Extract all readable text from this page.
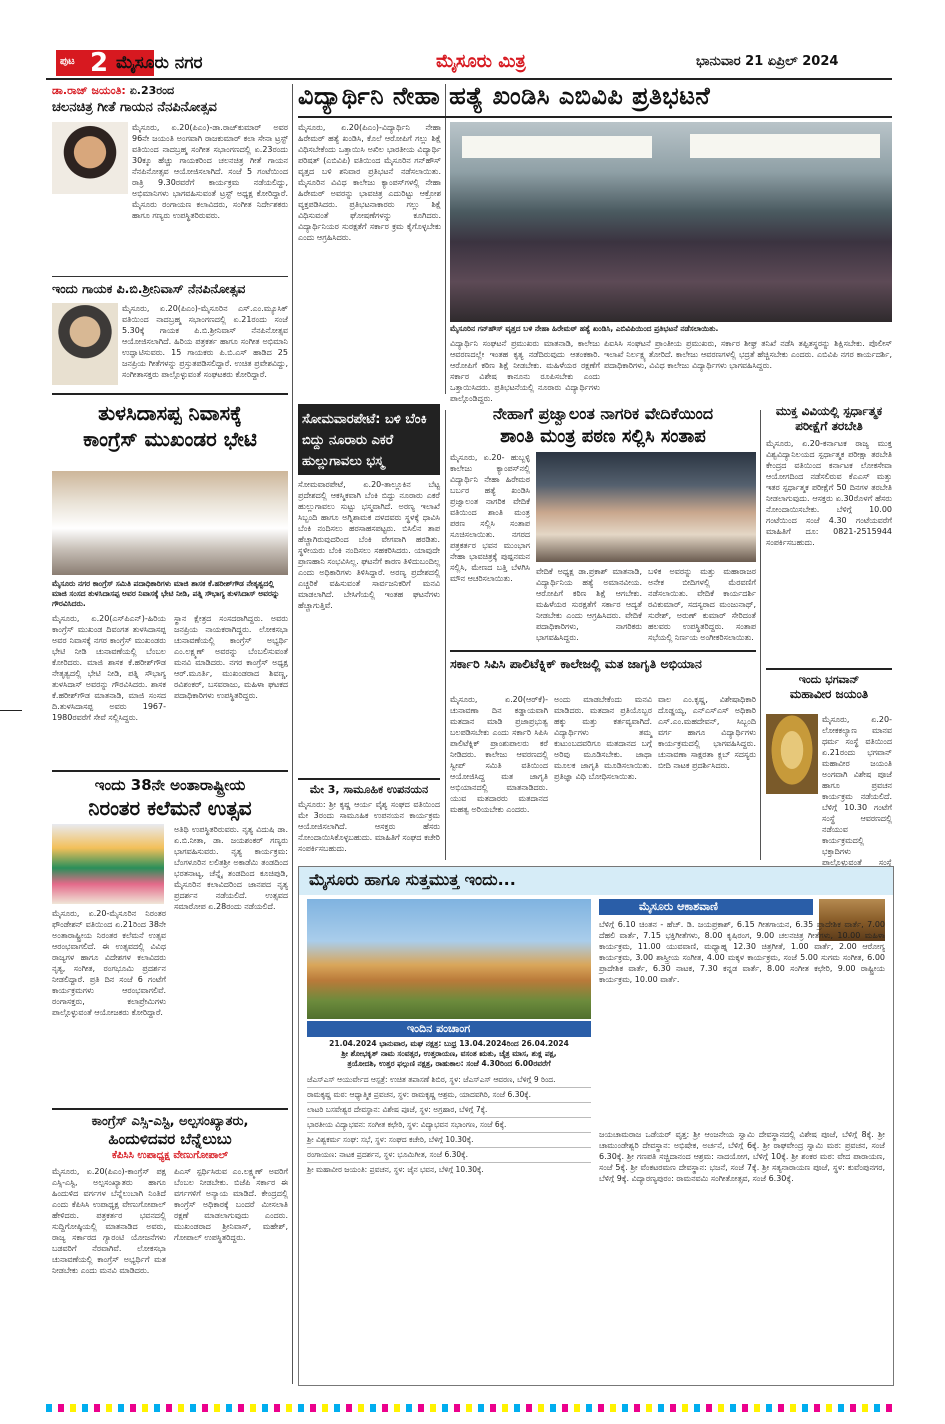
ಪುಟ 2 ಮೈಸೂರು ನಗರ	ಮೈಸೂರು ಮಿತ್ರ	ಭಾನುವಾರ 21 ಏಪ್ರಿಲ್ 2024
ಡಾ.ರಾಜ್ ಜಯಂತಿ: ಏ.23ರಂದ
ಚಲನಚಿತ್ರ ಗೀತೆ ಗಾಯನ ನೆನಪಿನೋತ್ಸವ
ಮೈಸೂರು, ಏ.20(ಪಿಎಂ)-ಡಾ.ರಾಜ್‌ಕುಮಾರ್ ಅವರ 96ನೇ ಜಯಂತಿ ಅಂಗವಾಗಿ ರಾಜಕುಮಾರ್ ಕಲಾ ಸೇನಾ ಟ್ರಸ್ಟ್ ವತಿಯಿಂದ ನಾದಬ್ರಹ್ಮ ಸಂಗೀತ ಸಭಾಂಗಣದಲ್ಲಿ ಏ.23ರಂದು 30ಕ್ಕೂ ಹೆಚ್ಚು ಗಾಯಕರಿಂದ ಚಲನಚಿತ್ರ ಗೀತೆ ಗಾಯನ ನೆನಪಿನೋತ್ಸವ ಆಯೋಜಿಸಲಾಗಿದೆ. ಸಂಜೆ 5 ಗಂಟೆಯಿಂದ ರಾತ್ರಿ 9.30ರವರೆಗೆ ಕಾರ್ಯಕ್ರಮ ನಡೆಯಲಿದ್ದು, ಅಭಿಮಾನಿಗಳು ಭಾಗವಹಿಸುವಂತೆ ಟ್ರಸ್ಟ್ ಅಧ್ಯಕ್ಷ ಕೋರಿದ್ದಾರೆ. ಮೈಸೂರು ರಂಗಾಯಣ ಕಲಾವಿದರು, ಸಂಗೀತ ನಿರ್ದೇಶಕರು ಹಾಗೂ ಗಣ್ಯರು ಉಪಸ್ಥಿತರಿರುವರು.
ಇಂದು ಗಾಯಕ ಪಿ.ಬಿ.ಶ್ರೀನಿವಾಸ್ ನೆನಪಿನೋತ್ಸವ
ಮೈಸೂರು, ಏ.20(ಪಿಎಂ)-ಮೈಸೂರಿನ ಎಸ್.ಎಂ.ಮ್ಯೂಸಿಕ್ ವತಿಯಿಂದ ನಾದಬ್ರಹ್ಮ ಸಭಾಂಗಣದಲ್ಲಿ ಏ.21ರಂದು ಸಂಜೆ 5.30ಕ್ಕೆ ಗಾಯಕ ಪಿ.ಬಿ.ಶ್ರೀನಿವಾಸ್ ನೆನಪಿನೋತ್ಸವ ಆಯೋಜಿಸಲಾಗಿದೆ. ಹಿರಿಯ ಪತ್ರಕರ್ತ ಹಾಗೂ ಸಂಗೀತ ಅಭಿಮಾನಿ ಉದ್ಘಾಟಿಸುವರು. 15 ಗಾಯಕರು ಪಿ.ಬಿ.ಎಸ್ ಹಾಡಿದ 25 ಜನಪ್ರಿಯ ಗೀತೆಗಳನ್ನು ಪ್ರಸ್ತುತಪಡಿಸಲಿದ್ದಾರೆ. ಉಚಿತ ಪ್ರವೇಶವಿದ್ದು, ಸಂಗೀತಾಸಕ್ತರು ಪಾಲ್ಗೊಳ್ಳುವಂತೆ ಸಂಘಟಕರು ಕೋರಿದ್ದಾರೆ.
ತುಳಸಿದಾಸಪ್ಪ ನಿವಾಸಕ್ಕೆ
ಕಾಂಗ್ರೆಸ್ ಮುಖಂಡರ ಭೇಟಿ
ಮೈಸೂರು ನಗರ ಕಾಂಗ್ರೆಸ್ ಸಮಿತಿ ಪದಾಧಿಕಾರಿಗಳು ಮಾಜಿ ಶಾಸಕ ಕೆ.ಹರೀಶ್‌ಗೌಡ ನೇತೃತ್ವದಲ್ಲಿ ಮಾಜಿ ಸಂಸದ ತುಳಸಿದಾಸಪ್ಪ ಅವರ ನಿವಾಸಕ್ಕೆ ಭೇಟಿ ನೀಡಿ, ಪತ್ನಿ ಸೌಭಾಗ್ಯ ತುಳಸಿದಾಸ್ ಅವರನ್ನು ಗೌರವಿಸಿದರು.
ಮೈಸೂರು, ಏ.20(ಎಸ್‌ಪಿಎನ್)-ಹಿರಿಯ ಕಾಂಗ್ರೆಸ್ ಮುಖಂಡ ದಿವಂಗತ ತುಳಸಿದಾಸಪ್ಪ ಅವರ ನಿವಾಸಕ್ಕೆ ನಗರ ಕಾಂಗ್ರೆಸ್ ಮುಖಂಡರು ಭೇಟಿ ನೀಡಿ ಚುನಾವಣೆಯಲ್ಲಿ ಬೆಂಬಲ ಕೋರಿದರು. ಮಾಜಿ ಶಾಸಕ ಕೆ.ಹರೀಶ್‌ಗೌಡ ನೇತೃತ್ವದಲ್ಲಿ ಭೇಟಿ ನೀಡಿ, ಪತ್ನಿ ಸೌಭಾಗ್ಯ ತುಳಸಿದಾಸ್ ಅವರನ್ನು ಗೌರವಿಸಿದರು. ಶಾಸಕ ಕೆ.ಹರೀಶ್‌ಗೌಡ ಮಾತನಾಡಿ, ಮಾಜಿ ಸಂಸದ ದಿ.ತುಳಸಿದಾಸಪ್ಪ ಅವರು 1967-1980ರವರೆಗೆ ಸೇವೆ ಸಲ್ಲಿಸಿದ್ದರು.
ಸ್ಥಾನ ಕ್ಷೇತ್ರದ ಸಂಸದರಾಗಿದ್ದರು. ಅವರು ಜನಪ್ರಿಯ ನಾಯಕರಾಗಿದ್ದರು. ಲೋಕಸಭಾ ಚುನಾವಣೆಯಲ್ಲಿ ಕಾಂಗ್ರೆಸ್ ಅಭ್ಯರ್ಥಿ ಎಂ.ಲಕ್ಷ್ಮಣ್ ಅವರನ್ನು ಬೆಂಬಲಿಸುವಂತೆ ಮನವಿ ಮಾಡಿದರು. ನಗರ ಕಾಂಗ್ರೆಸ್ ಅಧ್ಯಕ್ಷ ಆರ್.ಮೂರ್ತಿ, ಮುಖಂಡರಾದ ಶಿವಣ್ಣ, ರವಿಶಂಕರ್, ಬಸವರಾಜು, ಮಹಿಳಾ ಘಟಕದ ಪದಾಧಿಕಾರಿಗಳು ಉಪಸ್ಥಿತರಿದ್ದರು.
ಇಂದು 38ನೇ ಅಂತಾರಾಷ್ಟ್ರೀಯ
ನಿರಂತರ ಕಲೆಮನೆ ಉತ್ಸವ
ಮೈಸೂರು, ಏ.20-ಮೈಸೂರಿನ ನಿರಂತರ ಫೌಂಡೇಶನ್ ವತಿಯಿಂದ ಏ.21ರಿಂದ 38ನೇ ಅಂತಾರಾಷ್ಟ್ರೀಯ ನಿರಂತರ ಕಲೆಮನೆ ಉತ್ಸವ ಆರಂಭವಾಗಲಿದೆ. ಈ ಉತ್ಸವದಲ್ಲಿ ವಿವಿಧ ರಾಜ್ಯಗಳ ಹಾಗೂ ವಿದೇಶಗಳ ಕಲಾವಿದರು ನೃತ್ಯ, ಸಂಗೀತ, ರಂಗಭೂಮಿ ಪ್ರದರ್ಶನ ನೀಡಲಿದ್ದಾರೆ. ಪ್ರತಿ ದಿನ ಸಂಜೆ 6 ಗಂಟೆಗೆ ಕಾರ್ಯಕ್ರಮಗಳು ಆರಂಭವಾಗಲಿವೆ. ರಂಗಾಸಕ್ತರು, ಕಲಾಪ್ರೇಮಿಗಳು ಪಾಲ್ಗೊಳ್ಳುವಂತೆ ಆಯೋಜಕರು ಕೋರಿದ್ದಾರೆ.
ಅತಿಥಿ ಉಪಸ್ಥಿತರಿರುವರು. ನೃತ್ಯ ವಿದುಷಿ ಡಾ. ಏ.ಬಿ.ನೀತಾ, ಡಾ. ಜಯಶಂಕರ್ ಗಣ್ಯರು ಭಾಗವಹಿಸುವರು. ನೃತ್ಯ ಕಾರ್ಯಕ್ರಮ: ಬೆಂಗಳೂರಿನ ಲಲಿತಶ್ರೀ ಅಕಾಡೆಮಿ ತಂಡದಿಂದ ಭರತನಾಟ್ಯ, ಚೆನ್ನೈ ತಂಡದಿಂದ ಕೂಚಿಪುಡಿ, ಮೈಸೂರಿನ ಕಲಾವಿದರಿಂದ ಜಾನಪದ ನೃತ್ಯ ಪ್ರದರ್ಶನ ನಡೆಯಲಿದೆ. ಉತ್ಸವದ ಸಮಾರೋಪ ಏ.28ರಂದು ನಡೆಯಲಿದೆ.
ಕಾಂಗ್ರೆಸ್ ಎಸ್ಸಿ-ಎಸ್ಟಿ, ಅಲ್ಪಸಂಖ್ಯಾತರು,
ಹಿಂದುಳಿದವರ ಬೆನ್ನೆಲುಬು
ಕೆಪಿಸಿಸಿ ಉಪಾಧ್ಯಕ್ಷ ವೇಣುಗೋಪಾಲ್
ಮೈಸೂರು, ಏ.20(ಪಿಎಂ)-ಕಾಂಗ್ರೆಸ್ ಪಕ್ಷ ಎಸ್ಸಿ-ಎಸ್ಟಿ, ಅಲ್ಪಸಂಖ್ಯಾತರು ಹಾಗೂ ಹಿಂದುಳಿದ ವರ್ಗಗಳ ಬೆನ್ನೆಲುಬಾಗಿ ನಿಂತಿದೆ ಎಂದು ಕೆಪಿಸಿಸಿ ಉಪಾಧ್ಯಕ್ಷ ವೇಣುಗೋಪಾಲ್ ಹೇಳಿದರು. ಪತ್ರಕರ್ತರ ಭವನದಲ್ಲಿ ಸುದ್ದಿಗೋಷ್ಠಿಯಲ್ಲಿ ಮಾತನಾಡಿದ ಅವರು, ರಾಜ್ಯ ಸರ್ಕಾರದ ಗ್ಯಾರಂಟಿ ಯೋಜನೆಗಳು ಬಡವರಿಗೆ ನೆರವಾಗಿವೆ. ಲೋಕಸಭಾ ಚುನಾವಣೆಯಲ್ಲಿ ಕಾಂಗ್ರೆಸ್ ಅಭ್ಯರ್ಥಿಗೆ ಮತ ನೀಡಬೇಕು ಎಂದು ಮನವಿ ಮಾಡಿದರು.
ಪಿಎಸ್ ಸ್ಪರ್ಧಿಸಿರುವ ಎಂ.ಲಕ್ಷ್ಮಣ್ ಅವರಿಗೆ ಬೆಂಬಲ ನೀಡಬೇಕು. ಬಿಜೆಪಿ ಸರ್ಕಾರ ಈ ವರ್ಗಗಳಿಗೆ ಅನ್ಯಾಯ ಮಾಡಿದೆ. ಕೇಂದ್ರದಲ್ಲಿ ಕಾಂಗ್ರೆಸ್ ಅಧಿಕಾರಕ್ಕೆ ಬಂದರೆ ಮೀಸಲಾತಿ ರಕ್ಷಣೆ ಮಾಡಲಾಗುವುದು ಎಂದರು. ಮುಖಂಡರಾದ ಶ್ರೀನಿವಾಸ್, ಮಹೇಶ್, ಗೋಪಾಲ್ ಉಪಸ್ಥಿತರಿದ್ದರು.
ವಿದ್ಯಾರ್ಥಿನಿ ನೇಹಾ ಹತ್ಯೆ ಖಂಡಿಸಿ ಎಬಿವಿಪಿ ಪ್ರತಿಭಟನೆ
ಮೈಸೂರು, ಏ.20(ಪಿಎಂ)-ವಿದ್ಯಾರ್ಥಿನಿ ನೇಹಾ ಹಿರೇಮಠ್ ಹತ್ಯೆ ಖಂಡಿಸಿ, ಕೊಲೆ ಆರೋಪಿಗೆ ಗಲ್ಲು ಶಿಕ್ಷೆ ವಿಧಿಸಬೇಕೆಂದು ಒತ್ತಾಯಿಸಿ ಅಖಿಲ ಭಾರತೀಯ ವಿದ್ಯಾರ್ಥಿ ಪರಿಷತ್ (ಎಬಿವಿಪಿ) ವತಿಯಿಂದ ಮೈಸೂರಿನ ಗನ್‌ಹೌಸ್ ವೃತ್ತದ ಬಳಿ ಶನಿವಾರ ಪ್ರತಿಭಟನೆ ನಡೆಸಲಾಯಿತು. ಮೈಸೂರಿನ ವಿವಿಧ ಕಾಲೇಜು ಕ್ಯಾಂಪಸ್‌ಗಳಲ್ಲಿ ನೇಹಾ ಹಿರೇಮಠ್ ಅವರನ್ನು ಭಾವಚಿತ್ರ ಎದುರಿಟ್ಟು ಆಕ್ರೋಶ ವ್ಯಕ್ತಪಡಿಸಿದರು. ಪ್ರತಿಭಟನಾಕಾರರು ಗಲ್ಲು ಶಿಕ್ಷೆ ವಿಧಿಸುವಂತೆ ಘೋಷಣೆಗಳನ್ನು ಕೂಗಿದರು. ವಿದ್ಯಾರ್ಥಿನಿಯರ ಸುರಕ್ಷತೆಗೆ ಸರ್ಕಾರ ಕ್ರಮ ಕೈಗೊಳ್ಳಬೇಕು ಎಂದು ಆಗ್ರಹಿಸಿದರು.
ಮೈಸೂರಿನ ಗನ್‌ಹೌಸ್ ವೃತ್ತದ ಬಳಿ ನೇಹಾ ಹಿರೇಮಠ್ ಹತ್ಯೆ ಖಂಡಿಸಿ, ಎಬಿವಿಪಿಯಿಂದ ಪ್ರತಿಭಟನೆ ನಡೆಸಲಾಯಿತು.
ವಿದ್ಯಾರ್ಥಿನಿ ಸಂಘಟನೆ ಪ್ರಮುಖರು ಮಾತನಾಡಿ, ಕಾಲೇಜು ಆವರಣದಲ್ಲೇ ಇಂತಹ ಕೃತ್ಯ ನಡೆದಿರುವುದು ಆತಂಕಕಾರಿ. ಆರೋಪಿಗೆ ಕಠಿಣ ಶಿಕ್ಷೆ ನೀಡಬೇಕು. ಮಹಿಳೆಯರ ರಕ್ಷಣೆಗೆ ಸರ್ಕಾರ ವಿಶೇಷ ಕಾನೂನು ರೂಪಿಸಬೇಕು ಎಂದು ಒತ್ತಾಯಿಸಿದರು. ಪ್ರತಿಭಟನೆಯಲ್ಲಿ ನೂರಾರು ವಿದ್ಯಾರ್ಥಿಗಳು ಪಾಲ್ಗೊಂಡಿದ್ದರು.
ಪಿಐಸಿಸಿ ಸಂಘಟನೆ ಪ್ರಾಂತೀಯ ಪ್ರಮುಖರು, ಸರ್ಕಾರ ಶೀಘ್ರ ತನಿಖೆ ನಡೆಸಿ ತಪ್ಪಿತಸ್ಥರನ್ನು ಶಿಕ್ಷಿಸಬೇಕು. ಪೊಲೀಸ್ ಇಲಾಖೆ ನಿರ್ಲಕ್ಷ್ಯ ತೋರಿದೆ. ಕಾಲೇಜು ಆವರಣಗಳಲ್ಲಿ ಭದ್ರತೆ ಹೆಚ್ಚಿಸಬೇಕು ಎಂದರು. ಎಬಿವಿಪಿ ನಗರ ಕಾರ್ಯದರ್ಶಿ, ಪದಾಧಿಕಾರಿಗಳು, ವಿವಿಧ ಕಾಲೇಜು ವಿದ್ಯಾರ್ಥಿಗಳು ಭಾಗವಹಿಸಿದ್ದರು.
ಸೋಮವಾರಪೇಟೆ: ಬಳಿ ಬೆಂಕಿ ಬಿದ್ದು ನೂರಾರು ಎಕರೆ ಹುಲ್ಲುಗಾವಲು ಭಸ್ಮ
ಸೋಮವಾರಪೇಟೆ, ಏ.20-ತಾಲ್ಲೂಕಿನ ಬೆಟ್ಟ ಪ್ರದೇಶದಲ್ಲಿ ಆಕಸ್ಮಿಕವಾಗಿ ಬೆಂಕಿ ಬಿದ್ದು ನೂರಾರು ಎಕರೆ ಹುಲ್ಲುಗಾವಲು ಸುಟ್ಟು ಭಸ್ಮವಾಗಿದೆ. ಅರಣ್ಯ ಇಲಾಖೆ ಸಿಬ್ಬಂದಿ ಹಾಗೂ ಅಗ್ನಿಶಾಮಕ ದಳದವರು ಸ್ಥಳಕ್ಕೆ ಧಾವಿಸಿ ಬೆಂಕಿ ನಂದಿಸಲು ಹರಸಾಹಸಪಟ್ಟರು. ಬಿಸಿಲಿನ ತಾಪ ಹೆಚ್ಚಾಗಿರುವುದರಿಂದ ಬೆಂಕಿ ವೇಗವಾಗಿ ಹರಡಿತು. ಸ್ಥಳೀಯರು ಬೆಂಕಿ ನಂದಿಸಲು ಸಹಕರಿಸಿದರು. ಯಾವುದೇ ಪ್ರಾಣಹಾನಿ ಸಂಭವಿಸಿಲ್ಲ. ಘಟನೆಗೆ ಕಾರಣ ತಿಳಿದುಬಂದಿಲ್ಲ ಎಂದು ಅಧಿಕಾರಿಗಳು ತಿಳಿಸಿದ್ದಾರೆ. ಅರಣ್ಯ ಪ್ರದೇಶದಲ್ಲಿ ಎಚ್ಚರಿಕೆ ವಹಿಸುವಂತೆ ಸಾರ್ವಜನಿಕರಿಗೆ ಮನವಿ ಮಾಡಲಾಗಿದೆ. ಬೇಸಿಗೆಯಲ್ಲಿ ಇಂತಹ ಘಟನೆಗಳು ಹೆಚ್ಚಾಗುತ್ತಿವೆ.
ಮೇ 3, ಸಾಮೂಹಿಕ ಉಪನಯನ
ಮೈಸೂರು: ಶ್ರೀ ಕೃಷ್ಣ ಆರ್ಯ ವೈಶ್ಯ ಸಂಘದ ವತಿಯಿಂದ ಮೇ 3ರಂದು ಸಾಮೂಹಿಕ ಉಪನಯನ ಕಾರ್ಯಕ್ರಮ ಆಯೋಜಿಸಲಾಗಿದೆ. ಆಸಕ್ತರು ಹೆಸರು ನೋಂದಾಯಿಸಿಕೊಳ್ಳಬಹುದು. ಮಾಹಿತಿಗೆ ಸಂಘದ ಕಚೇರಿ ಸಂಪರ್ಕಿಸಬಹುದು.
ನೇಹಾಗೆ ಪ್ರಜ್ವಾಲಂತ ನಾಗರಿಕ ವೇದಿಕೆಯಿಂದ
ಶಾಂತಿ ಮಂತ್ರ ಪಠಣ ಸಲ್ಲಿಸಿ ಸಂತಾಪ
ಮೈಸೂರು, ಏ.20- ಹುಬ್ಬಳ್ಳಿ ಕಾಲೇಜು ಕ್ಯಾಂಪಸ್‌ನಲ್ಲಿ ವಿದ್ಯಾರ್ಥಿನಿ ನೇಹಾ ಹಿರೇಮಠ ಬರ್ಬರ ಹತ್ಯೆ ಖಂಡಿಸಿ ಪ್ರಜ್ವಾಲಂತ ನಾಗರಿಕ ವೇದಿಕೆ ವತಿಯಿಂದ ಶಾಂತಿ ಮಂತ್ರ ಪಠಣ ಸಲ್ಲಿಸಿ ಸಂತಾಪ ಸೂಚಿಸಲಾಯಿತು. ನಗರದ ಪತ್ರಕರ್ತರ ಭವನ ಮುಂಭಾಗ ನೇಹಾ ಭಾವಚಿತ್ರಕ್ಕೆ ಪುಷ್ಪನಮನ ಸಲ್ಲಿಸಿ, ಮೇಣದ ಬತ್ತಿ ಬೆಳಗಿಸಿ ಮೌನ ಆಚರಿಸಲಾಯಿತು.
ವೇದಿಕೆ ಅಧ್ಯಕ್ಷ ಡಾ.ಪ್ರಕಾಶ್ ಮಾತನಾಡಿ, ವಿದ್ಯಾರ್ಥಿನಿಯ ಹತ್ಯೆ ಅಮಾನವೀಯ. ಆರೋಪಿಗೆ ಕಠಿಣ ಶಿಕ್ಷೆ ಆಗಬೇಕು. ಮಹಿಳೆಯರ ಸುರಕ್ಷತೆಗೆ ಸರ್ಕಾರ ಆದ್ಯತೆ ನೀಡಬೇಕು ಎಂದು ಆಗ್ರಹಿಸಿದರು. ವೇದಿಕೆ ಪದಾಧಿಕಾರಿಗಳು, ನಾಗರಿಕರು ಭಾಗವಹಿಸಿದ್ದರು.
ಬಳಿಕ ಅವರನ್ನು ಮತ್ತು ಮಹಾರಾಜರ ಅನೇಕ ಬೀದಿಗಳಲ್ಲಿ ಮೆರವಣಿಗೆ ನಡೆಸಲಾಯಿತು. ವೇದಿಕೆ ಕಾರ್ಯದರ್ಶಿ ರವಿಕುಮಾರ್, ಸದಸ್ಯರಾದ ಮಂಜುನಾಥ್, ಸುರೇಶ್, ಅರುಣ್ ಕುಮಾರ್ ಸೇರಿದಂತೆ ಹಲವರು ಉಪಸ್ಥಿತರಿದ್ದರು. ಸಂತಾಪ ಸಭೆಯಲ್ಲಿ ನಿರ್ಣಯ ಅಂಗೀಕರಿಸಲಾಯಿತು.
ಸರ್ಕಾರಿ ಸಿಪಿಸಿ ಪಾಲಿಟೆಕ್ನಿಕ್ ಕಾಲೇಜಲ್ಲಿ ಮತ ಜಾಗೃತಿ ಅಭಿಯಾನ
ಮೈಸೂರು, ಏ.20(ಆರ್‌ಕೆ)-ಚುನಾವಣಾ ದಿನ ಕಡ್ಡಾಯವಾಗಿ ಮತದಾನ ಮಾಡಿ ಪ್ರಜಾಪ್ರಭುತ್ವ ಬಲಪಡಿಸಬೇಕು ಎಂದು ಸರ್ಕಾರಿ ಸಿಪಿಸಿ ಪಾಲಿಟೆಕ್ನಿಕ್ ಪ್ರಾಂಶುಪಾಲರು ಕರೆ ನೀಡಿದರು. ಕಾಲೇಜು ಆವರಣದಲ್ಲಿ ಸ್ವೀಪ್ ಸಮಿತಿ ವತಿಯಿಂದ ಆಯೋಜಿಸಿದ್ದ ಮತ ಜಾಗೃತಿ ಅಭಿಯಾನದಲ್ಲಿ ಮಾತನಾಡಿದರು. ಯುವ ಮತದಾರರು ಮತದಾನದ ಮಹತ್ವ ಅರಿಯಬೇಕು ಎಂದರು.
ಅಂದು ಮಾಡಬೇಕೆಂದು ಮನವಿ ಮಾಡಿದರು. ಮತದಾನ ಪ್ರತಿಯೊಬ್ಬರ ಹಕ್ಕು ಮತ್ತು ಕರ್ತವ್ಯವಾಗಿದೆ. ವಿದ್ಯಾರ್ಥಿಗಳು ತಮ್ಮ ಕುಟುಂಬದವರಿಗೂ ಮತದಾನದ ಬಗ್ಗೆ ಅರಿವು ಮೂಡಿಸಬೇಕು. ಜಾಥಾ ಮೂಲಕ ಜಾಗೃತಿ ಮೂಡಿಸಲಾಯಿತು. ಪ್ರತಿಜ್ಞಾ ವಿಧಿ ಬೋಧಿಸಲಾಯಿತು.
ವಾಲ ಎಂ.ಕೃಷ್ಣ, ವಿಶೇಷಾಧಿಕಾರಿ ದೊಡ್ಡಯ್ಯ, ಎನ್‌ಎಸ್‌ಎಸ್ ಅಧಿಕಾರಿ ಎಸ್.ಎಂ.ಮಹದೇವನ್, ಸಿಬ್ಬಂದಿ ವರ್ಗ ಹಾಗೂ ವಿದ್ಯಾರ್ಥಿಗಳು ಕಾರ್ಯಕ್ರಮದಲ್ಲಿ ಭಾಗವಹಿಸಿದ್ದರು. ಚುನಾವಣಾ ಸಾಕ್ಷರತಾ ಕ್ಲಬ್ ಸದಸ್ಯರು ಬೀದಿ ನಾಟಕ ಪ್ರದರ್ಶಿಸಿದರು.
ಮುಕ್ತ ವಿವಿಯಲ್ಲಿ ಸ್ಪರ್ಧಾತ್ಮಕ
ಪರೀಕ್ಷೆಗೆ ತರಬೇತಿ
ಮೈಸೂರು, ಏ.20-ಕರ್ನಾಟಕ ರಾಜ್ಯ ಮುಕ್ತ ವಿಶ್ವವಿದ್ಯಾನಿಲಯದ ಸ್ಪರ್ಧಾತ್ಮಕ ಪರೀಕ್ಷಾ ತರಬೇತಿ ಕೇಂದ್ರದ ವತಿಯಿಂದ ಕರ್ನಾಟಕ ಲೋಕಸೇವಾ ಆಯೋಗದಿಂದ ನಡೆಸಲಿರುವ ಕೆಎಎಸ್ ಮತ್ತು ಇತರ ಸ್ಪರ್ಧಾತ್ಮಕ ಪರೀಕ್ಷೆಗೆ 50 ದಿನಗಳ ತರಬೇತಿ ನೀಡಲಾಗುವುದು. ಆಸಕ್ತರು ಏ.30ರೊಳಗೆ ಹೆಸರು ನೋಂದಾಯಿಸಬೇಕು. ಬೆಳಿಗ್ಗೆ 10.00 ಗಂಟೆಯಿಂದ ಸಂಜೆ 4.30 ಗಂಟೆಯವರೆಗೆ ಮಾಹಿತಿಗೆ ದೂ: 0821-2515944 ಸಂಪರ್ಕಿಸಬಹುದು.
ಇಂದು ಭಗವಾನ್
ಮಹಾವೀರ ಜಯಂತಿ
ಮೈಸೂರು, ಏ.20-ಲೋಕಕಲ್ಯಾಣ ಮಾನವ ಧರ್ಮ ಸಂಸ್ಥೆ ವತಿಯಿಂದ ಏ.21ರಂದು ಭಗವಾನ್ ಮಹಾವೀರ ಜಯಂತಿ ಅಂಗವಾಗಿ ವಿಶೇಷ ಪೂಜೆ ಹಾಗೂ ಪ್ರವಚನ ಕಾರ್ಯಕ್ರಮ ನಡೆಯಲಿದೆ. ಬೆಳಿಗ್ಗೆ 10.30 ಗಂಟೆಗೆ ಸಂಸ್ಥೆ ಆವರಣದಲ್ಲಿ ನಡೆಯುವ ಕಾರ್ಯಕ್ರಮದಲ್ಲಿ ಭಕ್ತಾದಿಗಳು ಪಾಲ್ಗೊಳ್ಳುವಂತೆ ಸಂಸ್ಥೆ
ಮೈಸೂರು ಹಾಗೂ ಸುತ್ತಮುತ್ತ ಇಂದು...
ಇಂದಿನ ಪಂಚಾಂಗ
21.04.2024 ಭಾನುವಾರ, ಮಘ ನಕ್ಷತ್ರ: ಬುಧ್ರ 13.04.2024ರಿಂದ 26.04.2024
ಶ್ರೀ ಶೋಭಕೃತ್ ನಾಮ ಸಂವತ್ಸರ, ಉತ್ತರಾಯಣ, ವಸಂತ ಋತು, ಚೈತ್ರ ಮಾಸ, ಶುಕ್ಲ ಪಕ್ಷ,
ತ್ರಯೋದಶಿ, ಉತ್ತರ ಫಲ್ಗುಣಿ ನಕ್ಷತ್ರ, ರಾಹುಕಾಲ: ಸಂಜೆ 4.30ರಿಂದ 6.00ರವರೆಗೆ
ಜೆಎಸ್‌ಎಸ್ ಆಯುರ್ವೇದ ಆಸ್ಪತ್ರೆ: ಉಚಿತ ತಪಾಸಣೆ ಶಿಬಿರ, ಸ್ಥಳ: ಜೆಎಸ್‌ಎಸ್ ಆವರಣ, ಬೆಳಿಗ್ಗೆ 9 ರಿಂದ.
ರಾಮಕೃಷ್ಣ ಮಠ: ಆಧ್ಯಾತ್ಮಿಕ ಪ್ರವಚನ, ಸ್ಥಳ: ರಾಮಕೃಷ್ಣ ಆಶ್ರಮ, ಯಾದವಗಿರಿ, ಸಂಜೆ 6.30ಕ್ಕೆ.
ಲಾಟರಿ ಬಸವೇಶ್ವರ ದೇವಸ್ಥಾನ: ವಿಶೇಷ ಪೂಜೆ, ಸ್ಥಳ: ಅಗ್ರಹಾರ, ಬೆಳಿಗ್ಗೆ 7ಕ್ಕೆ.
ಭಾರತೀಯ ವಿದ್ಯಾಭವನ: ಸಂಗೀತ ಕಛೇರಿ, ಸ್ಥಳ: ವಿದ್ಯಾಭವನ ಸಭಾಂಗಣ, ಸಂಜೆ 6ಕ್ಕೆ.
ಶ್ರೀ ವಿಶ್ವಕರ್ಮ ಸಂಘ: ಸಭೆ, ಸ್ಥಳ: ಸಂಘದ ಕಚೇರಿ, ಬೆಳಿಗ್ಗೆ 10.30ಕ್ಕೆ.
ರಂಗಾಯಣ: ನಾಟಕ ಪ್ರದರ್ಶನ, ಸ್ಥಳ: ಭೂಮಿಗೀತ, ಸಂಜೆ 6.30ಕ್ಕೆ.
ಶ್ರೀ ಮಹಾವೀರ ಜಯಂತಿ: ಪ್ರವಚನ, ಸ್ಥಳ: ಜೈನ ಭವನ, ಬೆಳಿಗ್ಗೆ 10.30ಕ್ಕೆ.
ಮೈಸೂರು ಆಕಾಶವಾಣಿ
ಬೆಳಿಗ್ಗೆ 6.10 ಚಿಂತನ - ಹೆಚ್. ಡಿ. ಜಯಪ್ರಕಾಶ್, 6.15 ಗೀತಗಾಯನ, 6.35 ಪ್ರಾದೇಶಿಕ ವಾರ್ತೆ, 7.00 ದೆಹಲಿ ವಾರ್ತೆ, 7.15 ಭಕ್ತಿಗೀತೆಗಳು, 8.00 ಕೃಷಿರಂಗ, 9.00 ಚಲನಚಿತ್ರ ಗೀತೆಗಳು, 10.00 ಮಹಿಳಾ ಕಾರ್ಯಕ್ರಮ, 11.00 ಯುವವಾಣಿ, ಮಧ್ಯಾಹ್ನ 12.30 ಚಿತ್ರಗೀತೆ, 1.00 ವಾರ್ತೆ, 2.00 ಆರೋಗ್ಯ ಕಾರ್ಯಕ್ರಮ, 3.00 ಶಾಸ್ತ್ರೀಯ ಸಂಗೀತ, 4.00 ಮಕ್ಕಳ ಕಾರ್ಯಕ್ರಮ, ಸಂಜೆ 5.00 ಸುಗಮ ಸಂಗೀತ, 6.00 ಪ್ರಾದೇಶಿಕ ವಾರ್ತೆ, 6.30 ನಾಟಕ, 7.30 ಕನ್ನಡ ವಾರ್ತೆ, 8.00 ಸಂಗೀತ ಕಛೇರಿ, 9.00 ರಾಷ್ಟ್ರೀಯ ಕಾರ್ಯಕ್ರಮ, 10.00 ವಾರ್ತೆ.
ಜಯಚಾಮರಾಜ ಒಡೆಯರ್ ವೃತ್ತ: ಶ್ರೀ ಆಂಜನೇಯ ಸ್ವಾಮಿ ದೇವಸ್ಥಾನದಲ್ಲಿ ವಿಶೇಷ ಪೂಜೆ, ಬೆಳಿಗ್ಗೆ 8ಕ್ಕೆ. ಶ್ರೀ ಚಾಮುಂಡೇಶ್ವರಿ ದೇವಸ್ಥಾನ: ಅಭಿಷೇಕ, ಅರ್ಚನೆ, ಬೆಳಿಗ್ಗೆ 6ಕ್ಕೆ. ಶ್ರೀ ರಾಘವೇಂದ್ರ ಸ್ವಾಮಿ ಮಠ: ಪ್ರವಚನ, ಸಂಜೆ 6.30ಕ್ಕೆ. ಶ್ರೀ ಗಣಪತಿ ಸಚ್ಚಿದಾನಂದ ಆಶ್ರಮ: ನಾದಯೋಗ, ಬೆಳಿಗ್ಗೆ 10ಕ್ಕೆ. ಶ್ರೀ ಶಂಕರ ಮಠ: ವೇದ ಪಾರಾಯಣ, ಸಂಜೆ 5ಕ್ಕೆ. ಶ್ರೀ ವೆಂಕಟರಮಣ ದೇವಸ್ಥಾನ: ಭಜನೆ, ಸಂಜೆ 7ಕ್ಕೆ. ಶ್ರೀ ಸತ್ಯನಾರಾಯಣ ಪೂಜೆ, ಸ್ಥಳ: ಕುವೆಂಪುನಗರ, ಬೆಳಿಗ್ಗೆ 9ಕ್ಕೆ. ವಿದ್ಯಾರಣ್ಯಪುರಂ: ರಾಮನವಮಿ ಸಂಗೀತೋತ್ಸವ, ಸಂಜೆ 6.30ಕ್ಕೆ.
